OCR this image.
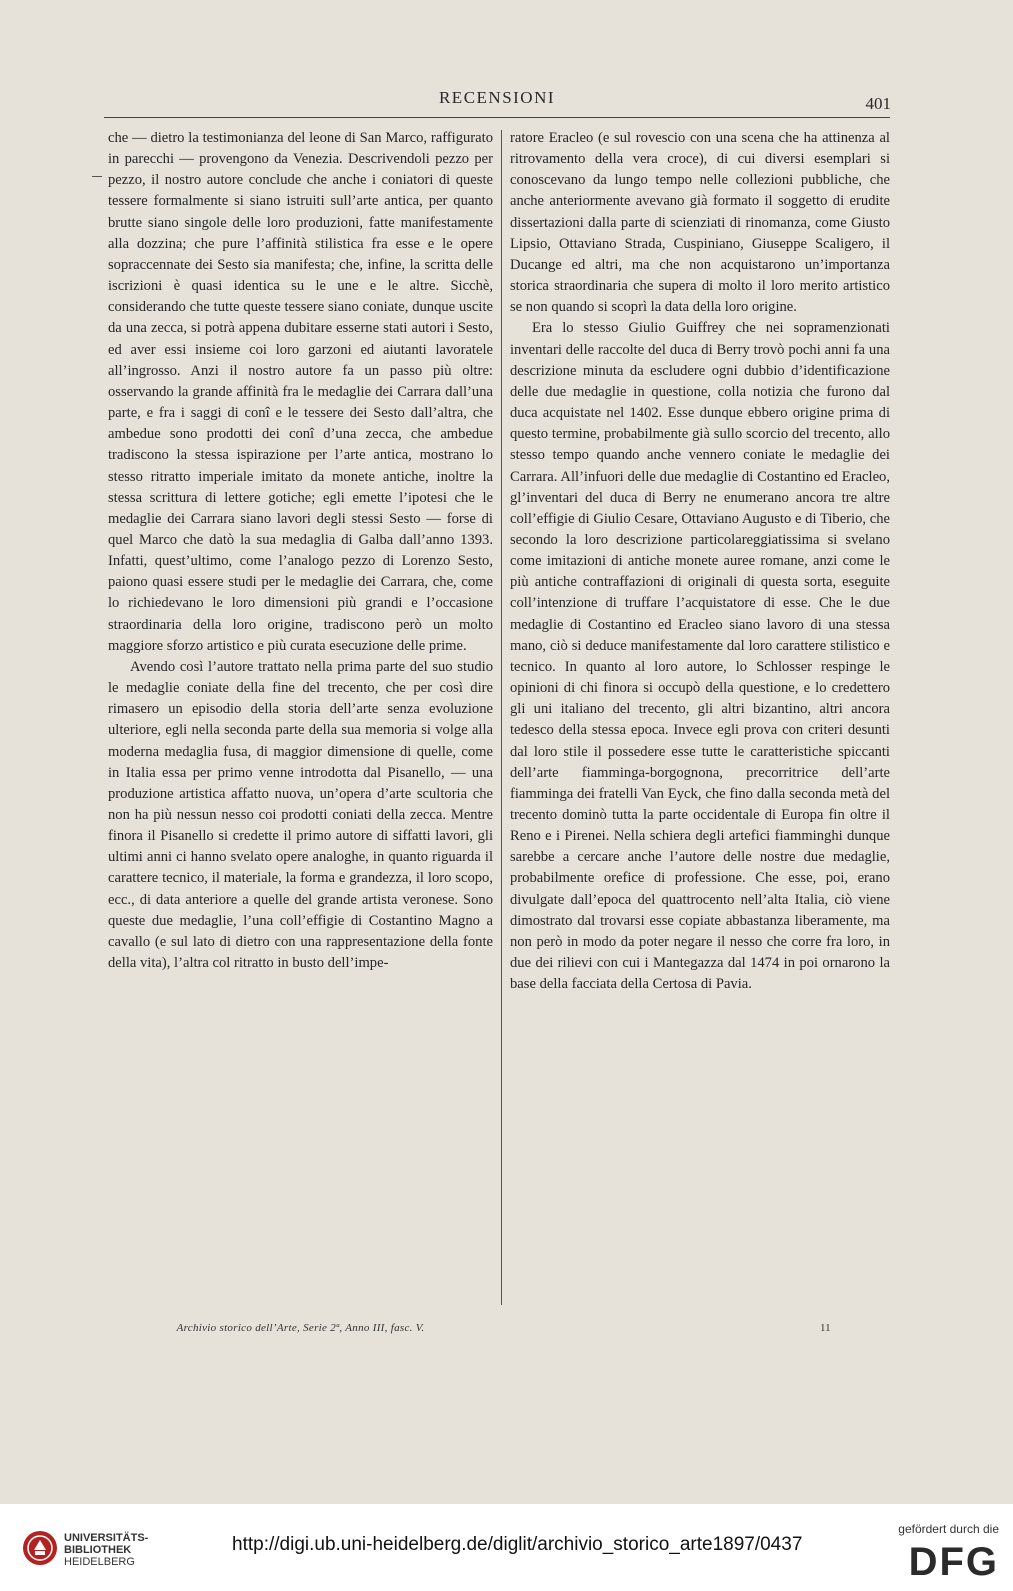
RECENSIONI	401

che — dietro la testimonianza del leone di San Marco, raffigurato in parecchi — provengono da Venezia. Descrivendoli pezzo per pezzo, il nostro autore conclude che anche i coniatori di queste tessere formalmente si siano istruiti sull’arte antica, per quanto brutte siano singole delle loro produzioni, fatte manifestamente alla dozzina; che pure l’affinità stilistica fra esse e le opere sopraccennate dei Sesto sia manifesta; che, infine, la scritta delle iscrizioni è quasi identica su le une e le altre. Sicchè, considerando che tutte queste tessere siano coniate, dunque uscite da una zecca, si potrà appena dubitare esserne stati autori i Sesto, ed aver essi insieme coi loro garzoni ed aiutanti lavoratele all’ingrosso. Anzi il nostro autore fa un passo più oltre: osservando la grande affinità fra le medaglie dei Carrara dall’una parte, e fra i saggi di conî e le tessere dei Sesto dall’altra, che ambedue sono prodotti dei conî d’una zecca, che ambedue tradiscono la stessa ispirazione per l’arte antica, mostrano lo stesso ritratto imperiale imitato da monete antiche, inoltre la stessa scrittura di lettere gotiche; egli emette l’ipotesi che le medaglie dei Carrara siano lavori degli stessi Sesto — forse di quel Marco che datò la sua medaglia di Galba dall’anno 1393. Infatti, quest’ultimo, come l’analogo pezzo di Lorenzo Sesto, paiono quasi essere studi per le medaglie dei Carrara, che, come lo richiedevano le loro dimensioni più grandi e l’occasione straordinaria della loro origine, tradiscono però un molto maggiore sforzo artistico e più curata esecuzione delle prime.

Avendo così l’autore trattato nella prima parte del suo studio le medaglie coniate della fine del trecento, che per così dire rimasero un episodio della storia dell’arte senza evoluzione ulteriore, egli nella seconda parte della sua memoria si volge alla moderna medaglia fusa, di maggior dimensione di quelle, come in Italia essa per primo venne introdotta dal Pisanello, — una produzione artistica affatto nuova, un’opera d’arte scultoria che non ha più nessun nesso coi prodotti coniati della zecca. Mentre finora il Pisanello si credette il primo autore di siffatti lavori, gli ultimi anni ci hanno svelato opere analoghe, in quanto riguarda il carattere tecnico, il materiale, la forma e grandezza, il loro scopo, ecc., di data anteriore a quelle del grande artista veronese. Sono queste due medaglie, l’una coll’effigie di Costantino Magno a cavallo (e sul lato di dietro con una rappresentazione della fonte della vita), l’altra col ritratto in busto dell’impe-

ratore Eracleo (e sul rovescio con una scena che ha attinenza al ritrovamento della vera croce), di cui diversi esemplari si conoscevano da lungo tempo nelle collezioni pubbliche, che anche anteriormente avevano già formato il soggetto di erudite dissertazioni dalla parte di scienziati di rinomanza, come Giusto Lipsio, Ottaviano Strada, Cuspiniano, Giuseppe Scaligero, il Ducange ed altri, ma che non acquistarono un’importanza storica straordinaria che supera di molto il loro merito artistico se non quando si scoprì la data della loro origine.

Era lo stesso Giulio Guiffrey che nei sopramenzionati inventari delle raccolte del duca di Berry trovò pochi anni fa una descrizione minuta da escludere ogni dubbio d’identificazione delle due medaglie in questione, colla notizia che furono dal duca acquistate nel 1402. Esse dunque ebbero origine prima di questo termine, probabilmente già sullo scorcio del trecento, allo stesso tempo quando anche vennero coniate le medaglie dei Carrara. All’infuori delle due medaglie di Costantino ed Eracleo, gl’inventari del duca di Berry ne enumerano ancora tre altre coll’effigie di Giulio Cesare, Ottaviano Augusto e di Tiberio, che secondo la loro descrizione particolareggiatissima si svelano come imitazioni di antiche monete auree romane, anzi come le più antiche contraffazioni di originali di questa sorta, eseguite coll’intenzione di truffare l’acquistatore di esse. Che le due medaglie di Costantino ed Eracleo siano lavoro di una stessa mano, ciò si deduce manifestamente dal loro carattere stilistico e tecnico. In quanto al loro autore, lo Schlosser respinge le opinioni di chi finora si occupò della questione, e lo credettero gli uni italiano del trecento, gli altri bizantino, altri ancora tedesco della stessa epoca. Invece egli prova con criteri desunti dal loro stile il possedere esse tutte le caratteristiche spiccanti dell’arte fiamminga-borgognona, precorritrice dell’arte fiamminga dei fratelli Van Eyck, che fino dalla seconda metà del trecento dominò tutta la parte occidentale di Europa fin oltre il Reno e i Pirenei. Nella schiera degli artefici fiamminghi dunque sarebbe a cercare anche l’autore delle nostre due medaglie, probabilmente orefice di professione. Che esse, poi, erano divulgate dall’epoca del quattrocento nell’alta Italia, ciò viene dimostrato dal trovarsi esse copiate abbastanza liberamente, ma non però in modo da poter negare il nesso che corre fra loro, in due dei rilievi con cui i Mantegazza dal 1474 in poi ornarono la base della facciata della Certosa di Pavia.

Archivio storico dell’Arte, Serie 2ª, Anno III, fasc. V.	11
UNIVERSITÄTS-
BIBLIOTHEK
HEIDELBERG
http://digi.ub.uni-heidelberg.de/diglit/archivio_storico_arte1897/0437
gefördert durch die
DFG
